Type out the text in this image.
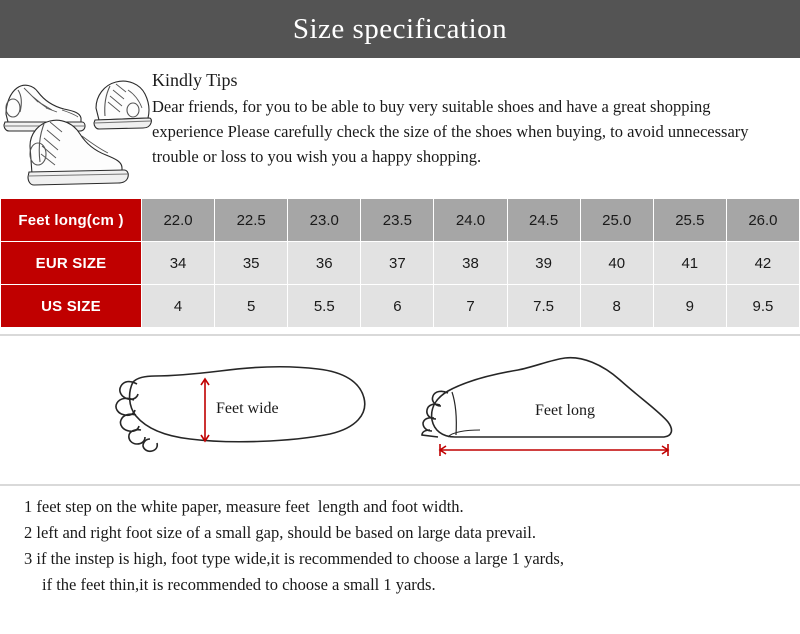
Size specification
Kindly Tips
Dear friends, for you to be able to buy very suitable shoes and have a great shopping experience Please carefully check the size of the shoes when buying, to avoid unnecessary trouble or loss to you wish you a happy shopping.
Feet long(cm )	22.0	22.5	23.0	23.5	24.0	24.5	25.0	25.5	26.0
EUR SIZE	34	35	36	37	38	39	40	41	42
US SIZE	4	5	5.5	6	7	7.5	8	9	9.5
Feet wide	Feet long
1 feet step on the white paper, measure feet  length and foot width.
2 left and right foot size of a small gap, should be based on large data prevail.
3 if the instep is high, foot type wide,it is recommended to choose a large 1 yards,
if the feet thin,it is recommended to choose a small 1 yards.
